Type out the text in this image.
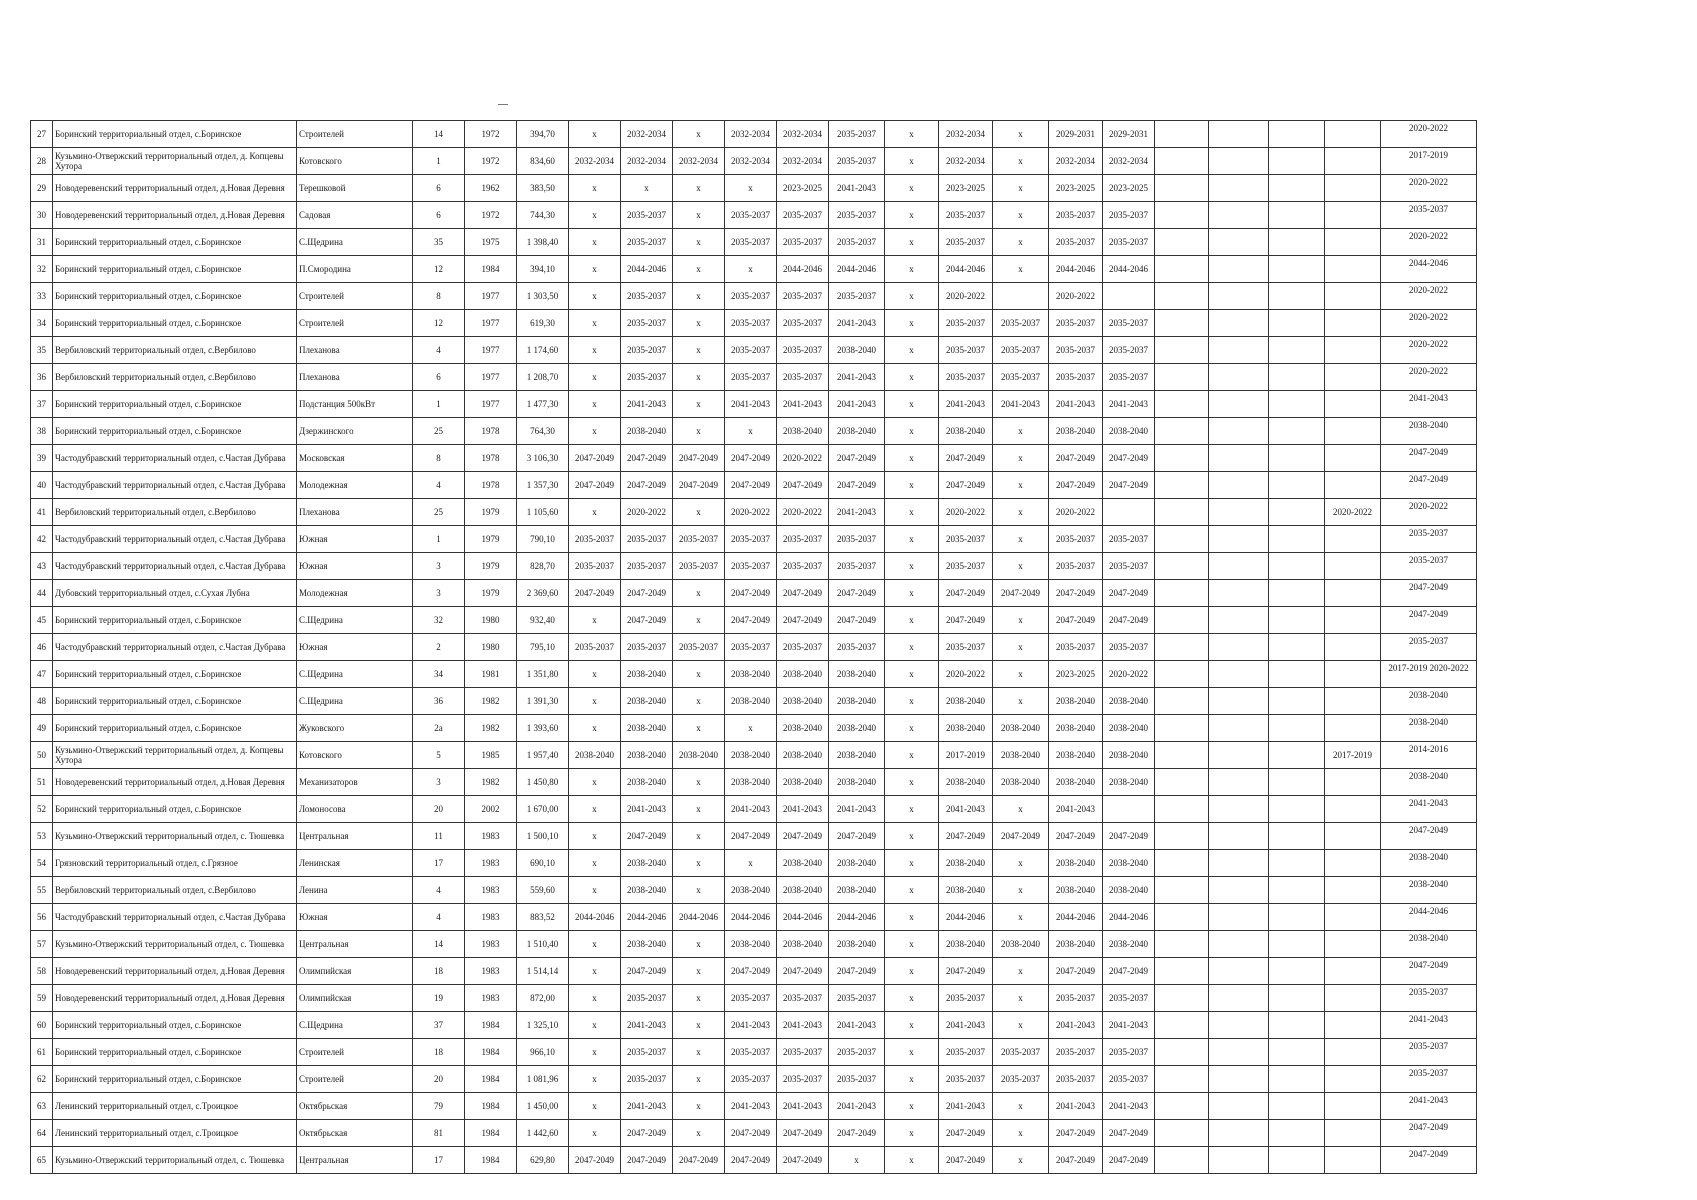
27	Боринский территориальный отдел, с.Боринское	Строителей	14	1972	394,70	х	2032-2034	х	2032-2034	2032-2034	2035-2037	х	2032-2034	х	2029-2031	2029-2031					2020-2022
28	Кузьмино-Отвержский территориальный отдел, д. Копцевы Хутора	Котовского	1	1972	834,60	2032-2034	2032-2034	2032-2034	2032-2034	2032-2034	2035-2037	х	2032-2034	х	2032-2034	2032-2034					2017-2019
29	Новодеревенский территориальный отдел, д.Новая Деревня	Терешковой	6	1962	383,50	х	х	х	х	2023-2025	2041-2043	х	2023-2025	х	2023-2025	2023-2025					2020-2022
30	Новодеревенский территориальный отдел, д.Новая Деревня	Садовая	6	1972	744,30	х	2035-2037	х	2035-2037	2035-2037	2035-2037	х	2035-2037	х	2035-2037	2035-2037					2035-2037
31	Боринский территориальный отдел, с.Боринское	С.Щедрина	35	1975	1 398,40	х	2035-2037	х	2035-2037	2035-2037	2035-2037	х	2035-2037	х	2035-2037	2035-2037					2020-2022
32	Боринский территориальный отдел, с.Боринское	П.Смородина	12	1984	394,10	х	2044-2046	х	х	2044-2046	2044-2046	х	2044-2046	х	2044-2046	2044-2046					2044-2046
33	Боринский территориальный отдел, с.Боринское	Строителей	8	1977	1 303,50	х	2035-2037	х	2035-2037	2035-2037	2035-2037	х	2020-2022		2020-2022						2020-2022
34	Боринский территориальный отдел, с.Боринское	Строителей	12	1977	619,30	х	2035-2037	х	2035-2037	2035-2037	2041-2043	х	2035-2037	2035-2037	2035-2037	2035-2037					2020-2022
35	Вербиловский территориальный отдел, с.Вербилово	Плеханова	4	1977	1 174,60	х	2035-2037	х	2035-2037	2035-2037	2038-2040	х	2035-2037	2035-2037	2035-2037	2035-2037					2020-2022
36	Вербиловский территориальный отдел, с.Вербилово	Плеханова	6	1977	1 208,70	х	2035-2037	х	2035-2037	2035-2037	2041-2043	х	2035-2037	2035-2037	2035-2037	2035-2037					2020-2022
37	Боринский территориальный отдел, с.Боринское	Подстанция 500кВт	1	1977	1 477,30	х	2041-2043	х	2041-2043	2041-2043	2041-2043	х	2041-2043	2041-2043	2041-2043	2041-2043					2041-2043
38	Боринский территориальный отдел, с.Боринское	Дзержинского	25	1978	764,30	х	2038-2040	х	х	2038-2040	2038-2040	х	2038-2040	х	2038-2040	2038-2040					2038-2040
39	Частодубравский территориальный отдел, с.Частая Дубрава	Московская	8	1978	3 106,30	2047-2049	2047-2049	2047-2049	2047-2049	2020-2022	2047-2049	х	2047-2049	х	2047-2049	2047-2049					2047-2049
40	Частодубравский территориальный отдел, с.Частая Дубрава	Молодежная	4	1978	1 357,30	2047-2049	2047-2049	2047-2049	2047-2049	2047-2049	2047-2049	х	2047-2049	х	2047-2049	2047-2049					2047-2049
41	Вербиловский территориальный отдел, с.Вербилово	Плеханова	25	1979	1 105,60	х	2020-2022	х	2020-2022	2020-2022	2041-2043	х	2020-2022	х	2020-2022					2020-2022	2020-2022
42	Частодубравский территориальный отдел, с.Частая Дубрава	Южная	1	1979	790,10	2035-2037	2035-2037	2035-2037	2035-2037	2035-2037	2035-2037	х	2035-2037	х	2035-2037	2035-2037					2035-2037
43	Частодубравский территориальный отдел, с.Частая Дубрава	Южная	3	1979	828,70	2035-2037	2035-2037	2035-2037	2035-2037	2035-2037	2035-2037	х	2035-2037	х	2035-2037	2035-2037					2035-2037
44	Дубовский территориальный отдел, с.Сухая Лубна	Молодежная	3	1979	2 369,60	2047-2049	2047-2049	х	2047-2049	2047-2049	2047-2049	х	2047-2049	2047-2049	2047-2049	2047-2049					2047-2049
45	Боринский территориальный отдел, с.Боринское	С.Щедрина	32	1980	932,40	х	2047-2049	х	2047-2049	2047-2049	2047-2049	х	2047-2049	х	2047-2049	2047-2049					2047-2049
46	Частодубравский территориальный отдел, с.Частая Дубрава	Южная	2	1980	795,10	2035-2037	2035-2037	2035-2037	2035-2037	2035-2037	2035-2037	х	2035-2037	х	2035-2037	2035-2037					2035-2037
47	Боринский территориальный отдел, с.Боринское	С.Щедрина	34	1981	1 351,80	х	2038-2040	х	2038-2040	2038-2040	2038-2040	х	2020-2022	х	2023-2025	2020-2022					2017-2019 2020-2022
48	Боринский территориальный отдел, с.Боринское	С.Щедрина	36	1982	1 391,30	х	2038-2040	х	2038-2040	2038-2040	2038-2040	х	2038-2040	х	2038-2040	2038-2040					2038-2040
49	Боринский территориальный отдел, с.Боринское	Жуковского	2а	1982	1 393,60	х	2038-2040	х	х	2038-2040	2038-2040	х	2038-2040	2038-2040	2038-2040	2038-2040					2038-2040
50	Кузьмино-Отвержский территориальный отдел, д. Копцевы Хутора	Котовского	5	1985	1 957,40	2038-2040	2038-2040	2038-2040	2038-2040	2038-2040	2038-2040	х	2017-2019	2038-2040	2038-2040	2038-2040				2017-2019	2014-2016
51	Новодеревенский территориальный отдел, д.Новая Деревня	Механизаторов	3	1982	1 450,80	х	2038-2040	х	2038-2040	2038-2040	2038-2040	х	2038-2040	2038-2040	2038-2040	2038-2040					2038-2040
52	Боринский территориальный отдел, с.Боринское	Ломоносова	20	2002	1 670,00	х	2041-2043	х	2041-2043	2041-2043	2041-2043	х	2041-2043	х	2041-2043						2041-2043
53	Кузьмино-Отвержский территориальный отдел, с. Тюшевка	Центральная	11	1983	1 500,10	х	2047-2049	х	2047-2049	2047-2049	2047-2049	х	2047-2049	2047-2049	2047-2049	2047-2049					2047-2049
54	Грязновский территориальный отдел, с.Грязное	Ленинская	17	1983	690,10	х	2038-2040	х	х	2038-2040	2038-2040	х	2038-2040	х	2038-2040	2038-2040					2038-2040
55	Вербиловский территориальный отдел, с.Вербилово	Ленина	4	1983	559,60	х	2038-2040	х	2038-2040	2038-2040	2038-2040	х	2038-2040	х	2038-2040	2038-2040					2038-2040
56	Частодубравский территориальный отдел, с.Частая Дубрава	Южная	4	1983	883,52	2044-2046	2044-2046	2044-2046	2044-2046	2044-2046	2044-2046	х	2044-2046	х	2044-2046	2044-2046					2044-2046
57	Кузьмино-Отвержский территориальный отдел, с. Тюшевка	Центральная	14	1983	1 510,40	х	2038-2040	х	2038-2040	2038-2040	2038-2040	х	2038-2040	2038-2040	2038-2040	2038-2040					2038-2040
58	Новодеревенский территориальный отдел, д.Новая Деревня	Олимпийская	18	1983	1 514,14	х	2047-2049	х	2047-2049	2047-2049	2047-2049	х	2047-2049	х	2047-2049	2047-2049					2047-2049
59	Новодеревенский территориальный отдел, д.Новая Деревня	Олимпийская	19	1983	872,00	х	2035-2037	х	2035-2037	2035-2037	2035-2037	х	2035-2037	х	2035-2037	2035-2037					2035-2037
60	Боринский территориальный отдел, с.Боринское	С.Щедрина	37	1984	1 325,10	х	2041-2043	х	2041-2043	2041-2043	2041-2043	х	2041-2043	х	2041-2043	2041-2043					2041-2043
61	Боринский территориальный отдел, с.Боринское	Строителей	18	1984	966,10	х	2035-2037	х	2035-2037	2035-2037	2035-2037	х	2035-2037	2035-2037	2035-2037	2035-2037					2035-2037
62	Боринский территориальный отдел, с.Боринское	Строителей	20	1984	1 081,96	х	2035-2037	х	2035-2037	2035-2037	2035-2037	х	2035-2037	2035-2037	2035-2037	2035-2037					2035-2037
63	Ленинский территориальный отдел, с.Троицкое	Октябрьская	79	1984	1 450,00	х	2041-2043	х	2041-2043	2041-2043	2041-2043	х	2041-2043	х	2041-2043	2041-2043					2041-2043
64	Ленинский территориальный отдел, с.Троицкое	Октябрьская	81	1984	1 442,60	х	2047-2049	х	2047-2049	2047-2049	2047-2049	х	2047-2049	х	2047-2049	2047-2049					2047-2049
65	Кузьмино-Отвержский территориальный отдел, с. Тюшевка	Центральная	17	1984	629,80	2047-2049	2047-2049	2047-2049	2047-2049	2047-2049	х	х	2047-2049	х	2047-2049	2047-2049					2047-2049
